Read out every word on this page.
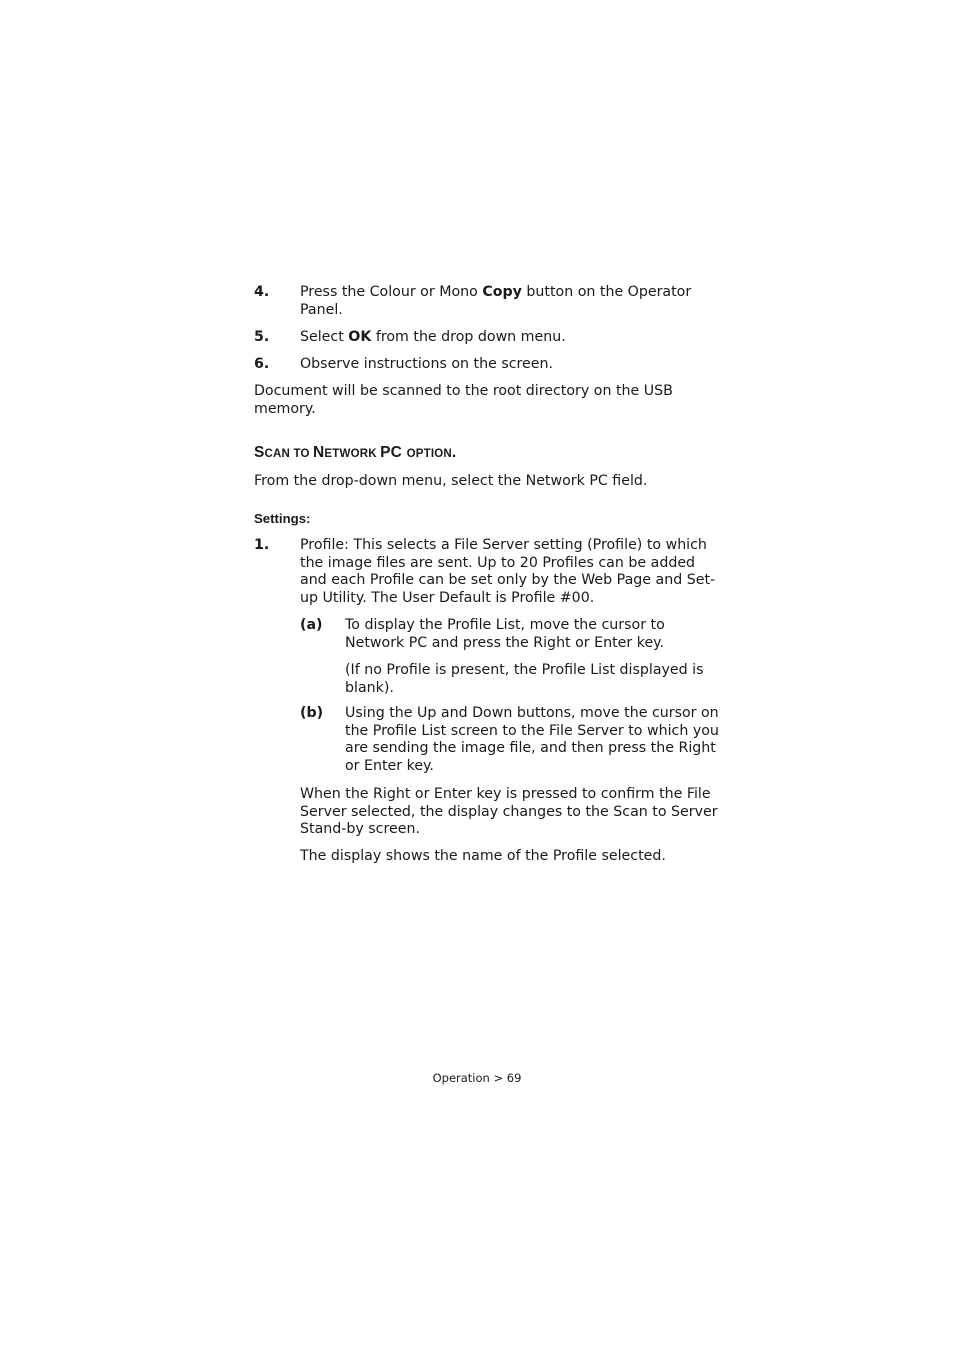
4. Press the Colour or Mono Copy button on the Operator Panel.
5. Select OK from the drop down menu.
6. Observe instructions on the screen.
Document will be scanned to the root directory on the USB memory.
SCAN TO NETWORK PC OPTION.
From the drop-down menu, select the Network PC field.
Settings:
1. Profile: This selects a File Server setting (Profile) to which the image files are sent. Up to 20 Profiles can be added and each Profile can be set only by the Web Page and Set-up Utility. The User Default is Profile #00.
(a) To display the Profile List, move the cursor to Network PC and press the Right or Enter key.
(If no Profile is present, the Profile List displayed is blank).
(b) Using the Up and Down buttons, move the cursor on the Profile List screen to the File Server to which you are sending the image file, and then press the Right or Enter key.
When the Right or Enter key is pressed to confirm the File Server selected, the display changes to the Scan to Server Stand-by screen.
The display shows the name of the Profile selected.
Operation > 69
